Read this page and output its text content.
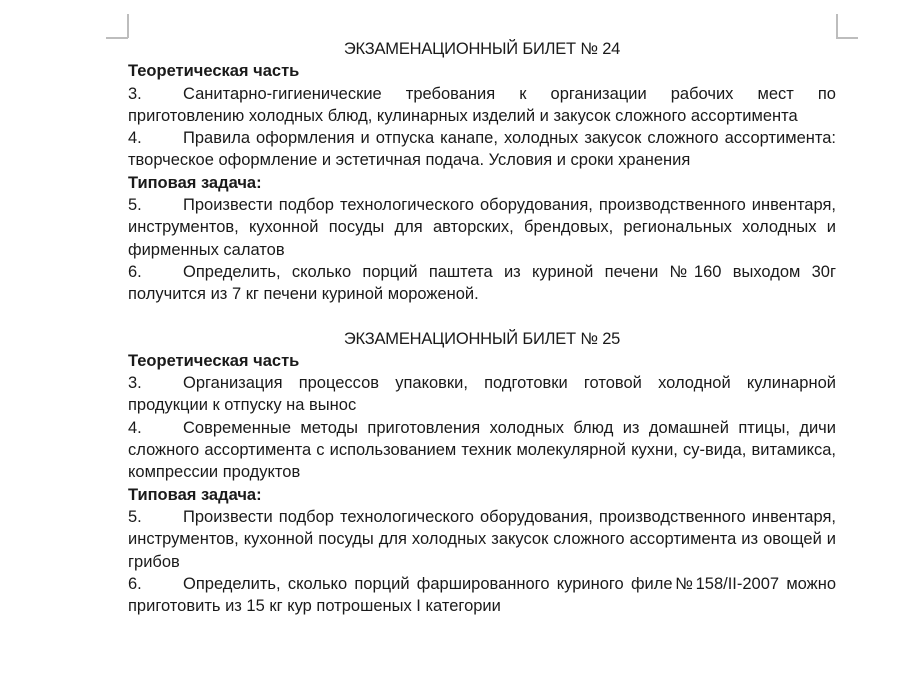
ЭКЗАМЕНАЦИОННЫЙ БИЛЕТ № 24

Теоретическая часть

3. Санитарно-гигиенические требования к организации рабочих мест по приготовлению холодных блюд, кулинарных изделий и закусок сложного ассортимента

4. Правила оформления и отпуска канапе, холодных закусок сложного ассортимента: творческое оформление и эстетичная подача. Условия и сроки хранения

Типовая задача:

5. Произвести подбор технологического оборудования, производственного инвентаря, инструментов, кухонной посуды для авторских, брендовых, региональных холодных и фирменных салатов

6. Определить, сколько порций паштета из куриной печени №160 выходом 30г получится из 7 кг печени куриной мороженой.

ЭКЗАМЕНАЦИОННЫЙ БИЛЕТ № 25

Теоретическая часть

3. Организация процессов упаковки, подготовки готовой холодной кулинарной продукции к отпуску на вынос

4. Современные методы приготовления холодных блюд из домашней птицы, дичи сложного ассортимента с использованием техник молекулярной кухни, су-вида, витамикса, компрессии продуктов

Типовая задача:

5. Произвести подбор технологического оборудования, производственного инвентаря, инструментов, кухонной посуды для холодных закусок сложного ассортимента из овощей и грибов

6. Определить, сколько порций фаршированного куриного филе№158/II-2007 можно приготовить из 15 кг кур потрошеных I категории
